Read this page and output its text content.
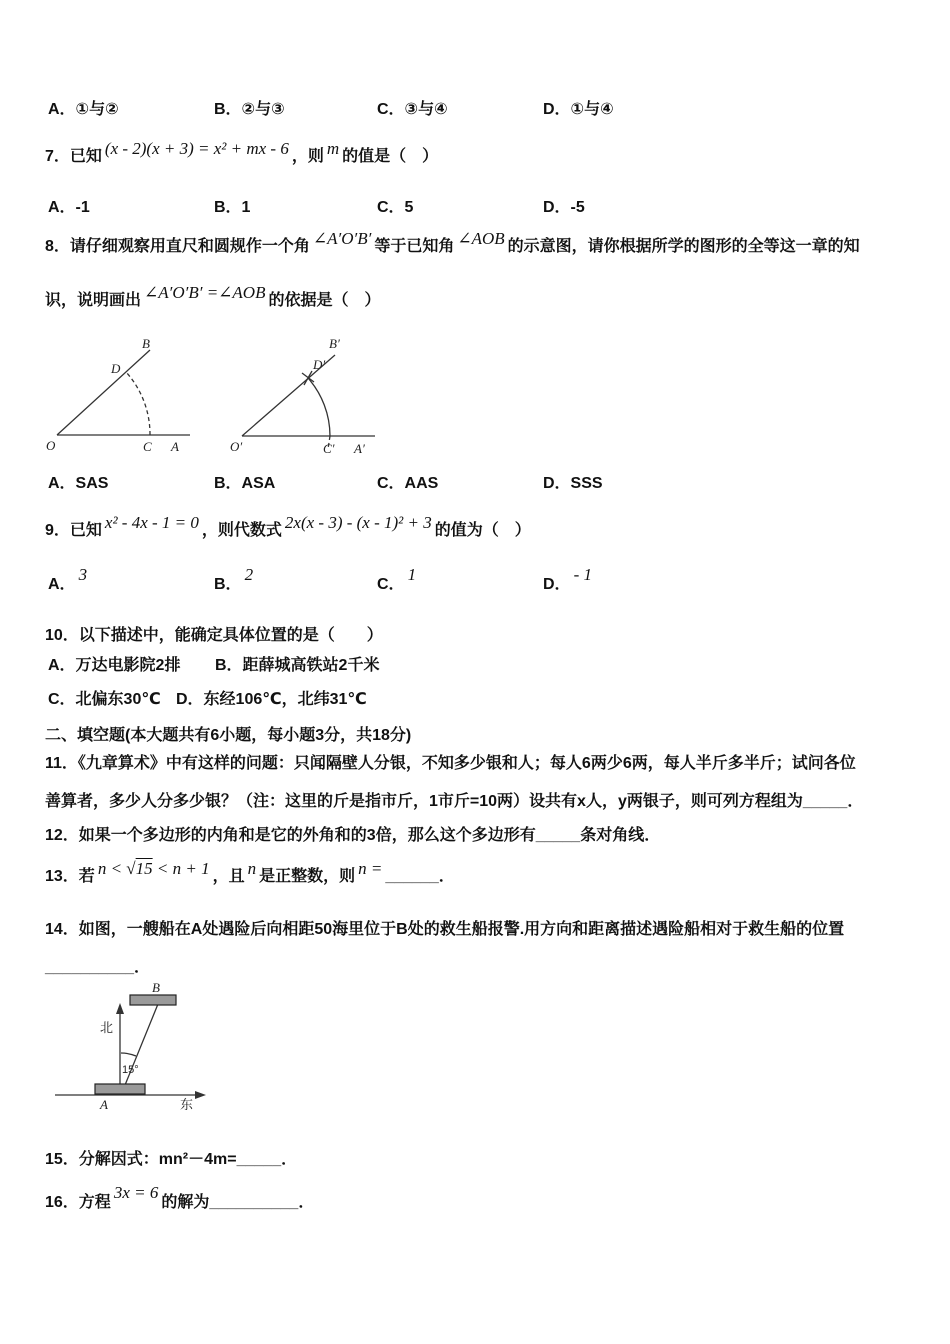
A．①与②	B．②与③	C．③与④	D．①与④
7．已知 (x - 2)(x + 3) = x² + mx - 6 ，则 m 的值是（　）
A．-1	B．1	C．5	D．-5
8．请仔细观察用直尺和圆规作一个角 ∠A′O′B′ 等于已知角 ∠AOB 的示意图，请你根据所学的图形的全等这一章的知
识，说明画出 ∠A′O′B′ =∠AOB 的依据是（　）
B
D
O	C A
B′
D′
O′	C′ A′
A．SAS	B．ASA	C．AAS	D．SSS
9．已知 x² - 4x - 1 = 0 ，则代数式 2x(x - 3) - (x - 1)² + 3 的值为（　）
A．3
B．2
C．1
D．- 1
10．以下描述中，能确定具体位置的是（　　）
A．万达电影院2排 B．距薛城高铁站2千米
C．北偏东30℃ D．东经106℃，北纬31℃
二、填空题(本大题共有6小题，每小题3分，共18分)
11．《九章算术》中有这样的问题：只闻隔壁人分银，不知多少银和人；每人6两少6两，每人半斤多半斤；试问各位
善算者，多少人分多少银？（注：这里的斤是指市斤，1市斤=10两）设共有x人，y两银子，则可列方程组为_____．
12．如果一个多边形的内角和是它的外角和的3倍，那么这个多边形有_____条对角线．
13．若 n < √15 < n + 1 ，且 n 是正整数，则 n = ______．
14．如图，一艘船在A处遇险后向相距50海里位于B处的救生船报警.用方向和距离描述遇险船相对于救生船的位置
__________．
B
北
15°
A	东
15．分解因式：mn²－4m=_____．
16．方程3x = 6的解为__________．
